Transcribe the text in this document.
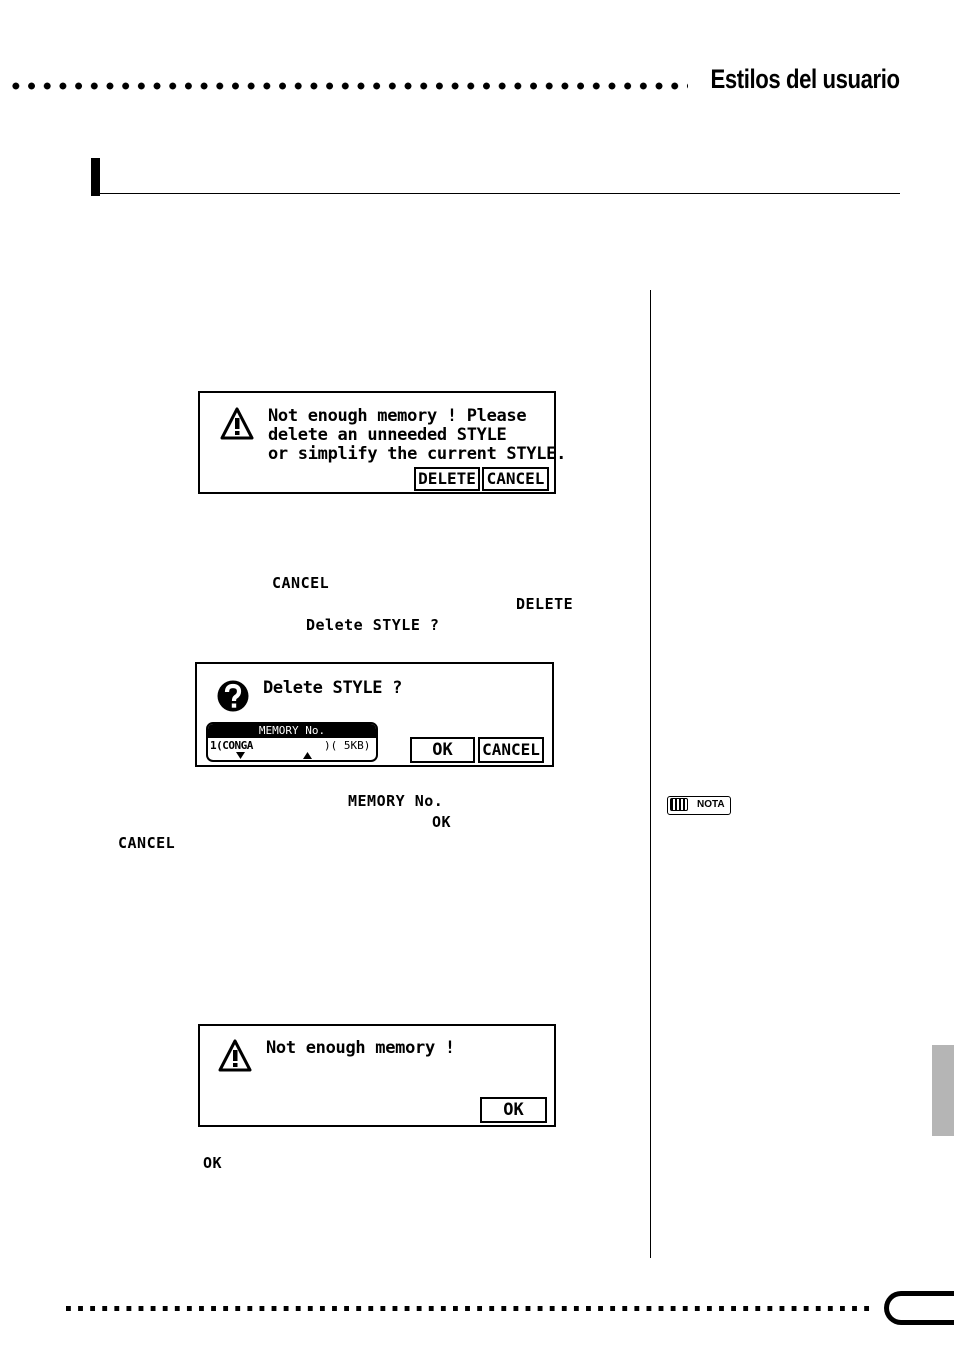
Estilos del usuario
Not enough memory ! Please
delete an unneeded STYLE
or simplify the current STYLE.
DELETE CANCEL
CANCEL
DELETE
Delete STYLE ?
Delete STYLE ?
MEMORY No.
1(CONGA	)( 5KB)	OK	CANCEL
MEMORY No.
OK
CANCEL
NOTA
Not enough memory !
OK
OK
